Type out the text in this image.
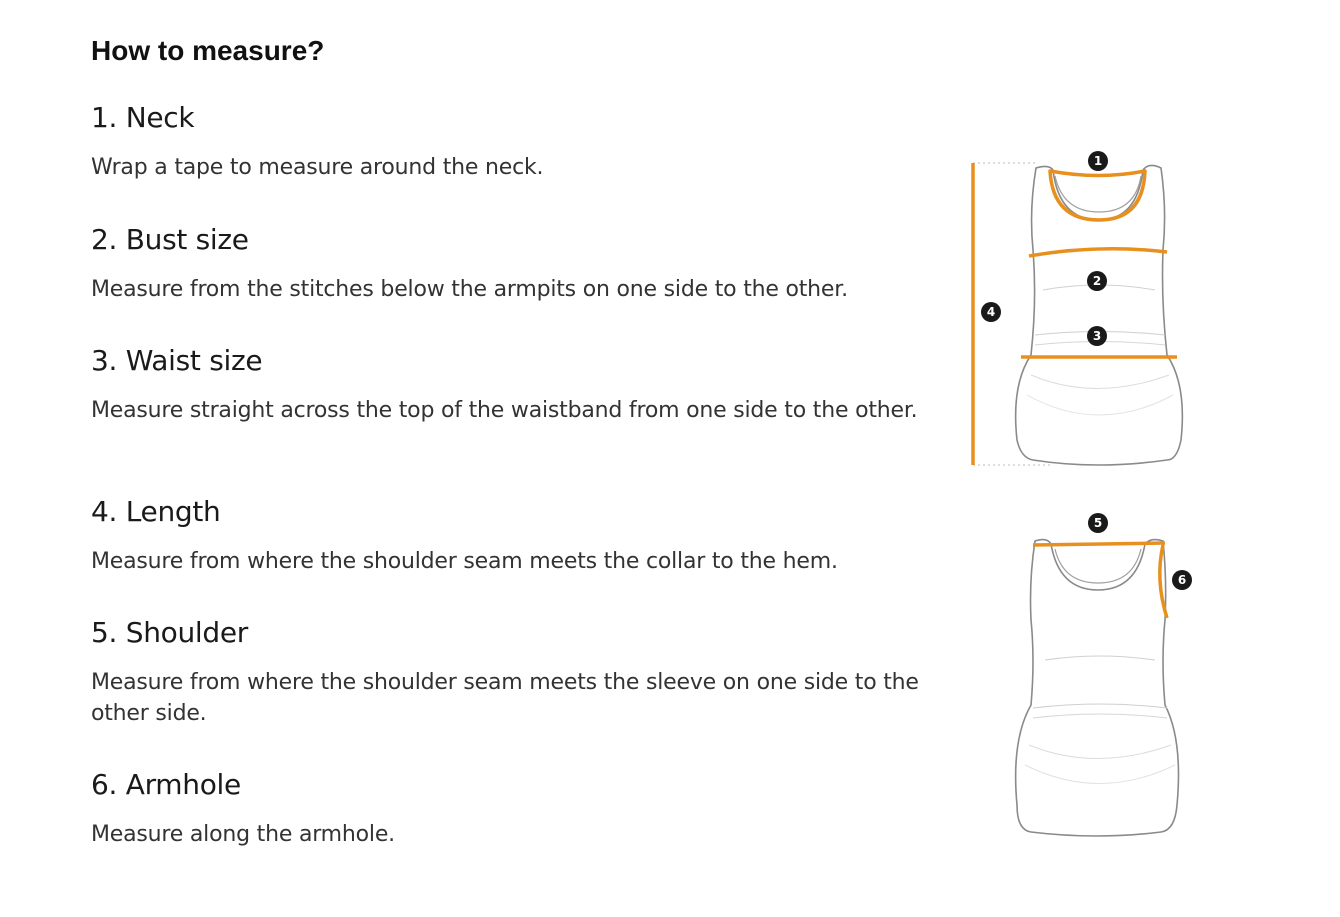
How to measure?
1. Neck

Wrap a tape to measure around the neck.

2. Bust size

Measure from the stitches below the armpits on one side to the other.

3. Waist size

Measure straight across the top of the waistband from one side to the other.

4. Length

Measure from where the shoulder seam meets the collar to the hem.

5. Shoulder

Measure from where the shoulder seam meets the sleeve on one side to the other side.

6. Armhole

Measure along the armhole.

1
2
3
4
5
6
